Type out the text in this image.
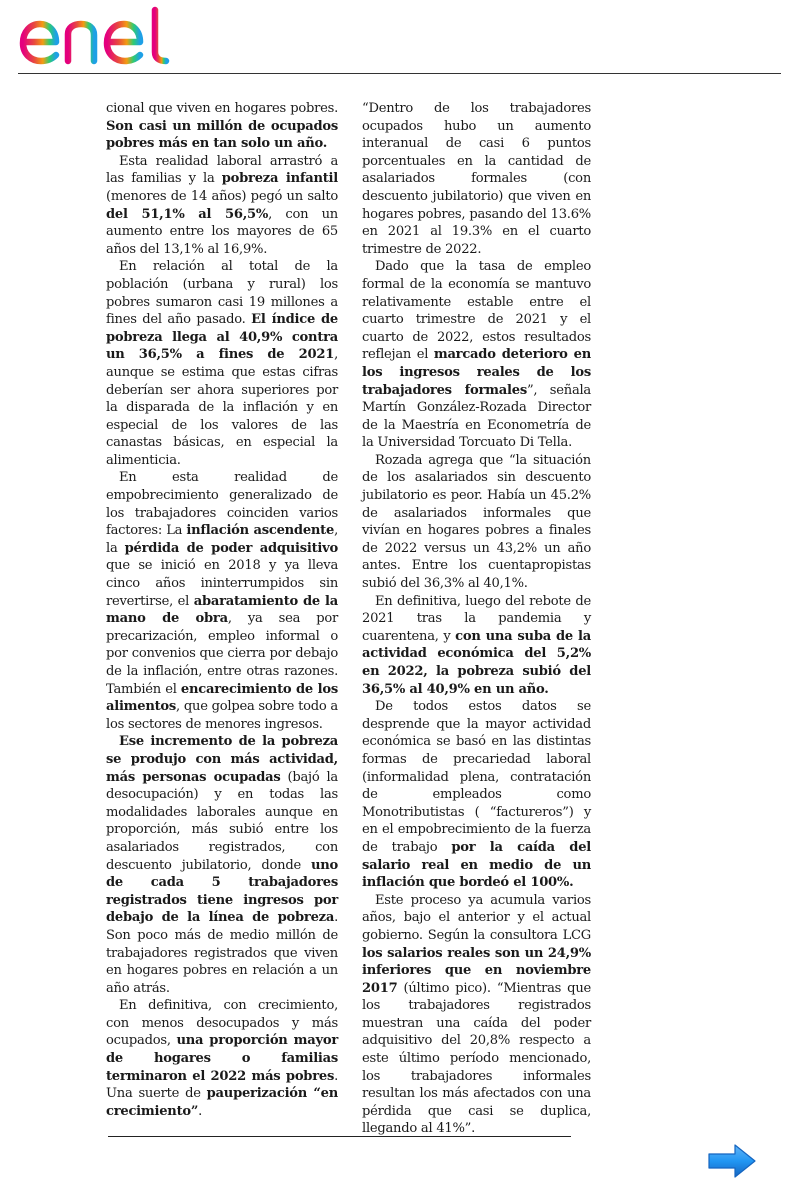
cional que viven en hogares pobres. Son casi un millón de ocupados pobres más en tan solo un año.

Esta realidad laboral arrastró a las familias y la pobreza infantil (menores de 14 años) pegó un salto del 51,1% al 56,5%, con un aumento entre los mayores de 65 años del 13,1% al 16,9%.

En relación al total de la población (urbana y rural) los pobres sumaron casi 19 millones a fines del año pasado. El índice de pobreza llega al 40,9% contra un 36,5% a fines de 2021, aunque se estima que estas cifras deberían ser ahora superiores por la disparada de la inflación y en especial de los valores de las canastas básicas, en especial la alimenticia.

En esta realidad de empobrecimiento generalizado de los trabajadores coinciden varios factores: La inflación ascendente, la pérdida de poder adquisitivo que se inició en 2018 y ya lleva cinco años ininterrumpidos sin revertirse, el abaratamiento de la mano de obra, ya sea por precarización, empleo informal o por convenios que cierra por debajo de la inflación, entre otras razones. También el encarecimiento de los alimentos, que golpea sobre todo a los sectores de menores ingresos.

Ese incremento de la pobreza se produjo con más actividad, más personas ocupadas (bajó la desocupación) y en todas las modalidades laborales aunque en proporción, más subió entre los asalariados registrados, con descuento jubilatorio, donde uno de cada 5 trabajadores registrados tiene ingresos por debajo de la línea de pobreza. Son poco más de medio millón de trabajadores registrados que viven en hogares pobres en relación a un año atrás.

En definitiva, con crecimiento, con menos desocupados y más ocupados, una proporción mayor de hogares o familias terminaron el 2022 más pobres. Una suerte de pauperización “en crecimiento”.

“Dentro de los trabajadores ocupados hubo un aumento interanual de casi 6 puntos porcentuales en la cantidad de asalariados formales (con descuento jubilatorio) que viven en hogares pobres, pasando del 13.6% en 2021 al 19.3% en el cuarto trimestre de 2022.

Dado que la tasa de empleo formal de la economía se mantuvo relativamente estable entre el cuarto trimestre de 2021 y el cuarto de 2022, estos resultados reflejan el marcado deterioro en los ingresos reales de los trabajadores formales”, señala Martín González-Rozada Director de la Maestría en Econometría de la Universidad Torcuato Di Tella.

Rozada agrega que “la situación de los asalariados sin descuento jubilatorio es peor. Había un 45.2% de asalariados informales que vivían en hogares pobres a finales de 2022 versus un 43,2% un año antes. Entre los cuentapropistas subió del 36,3% al 40,1%.

En definitiva, luego del rebote de 2021 tras la pandemia y cuarentena, y con una suba de la actividad económica del 5,2% en 2022, la pobreza subió del 36,5% al 40,9% en un año.

De todos estos datos se desprende que la mayor actividad económica se basó en las distintas formas de precariedad laboral (informalidad plena, contratación de empleados como Monotributistas ( “factureros”) y en el empobrecimiento de la fuerza de trabajo por la caída del salario real en medio de un inflación que bordeó el 100%.

Este proceso ya acumula varios años, bajo el anterior y el actual gobierno. Según la consultora LCG los salarios reales son un 24,9% inferiores que en noviembre 2017 (último pico). “Mientras que los trabajadores registrados muestran una caída del poder adquisitivo del 20,8% respecto a este último período mencionado, los trabajadores informales resultan los más afectados con una pérdida que casi se duplica, llegando al 41%”.
